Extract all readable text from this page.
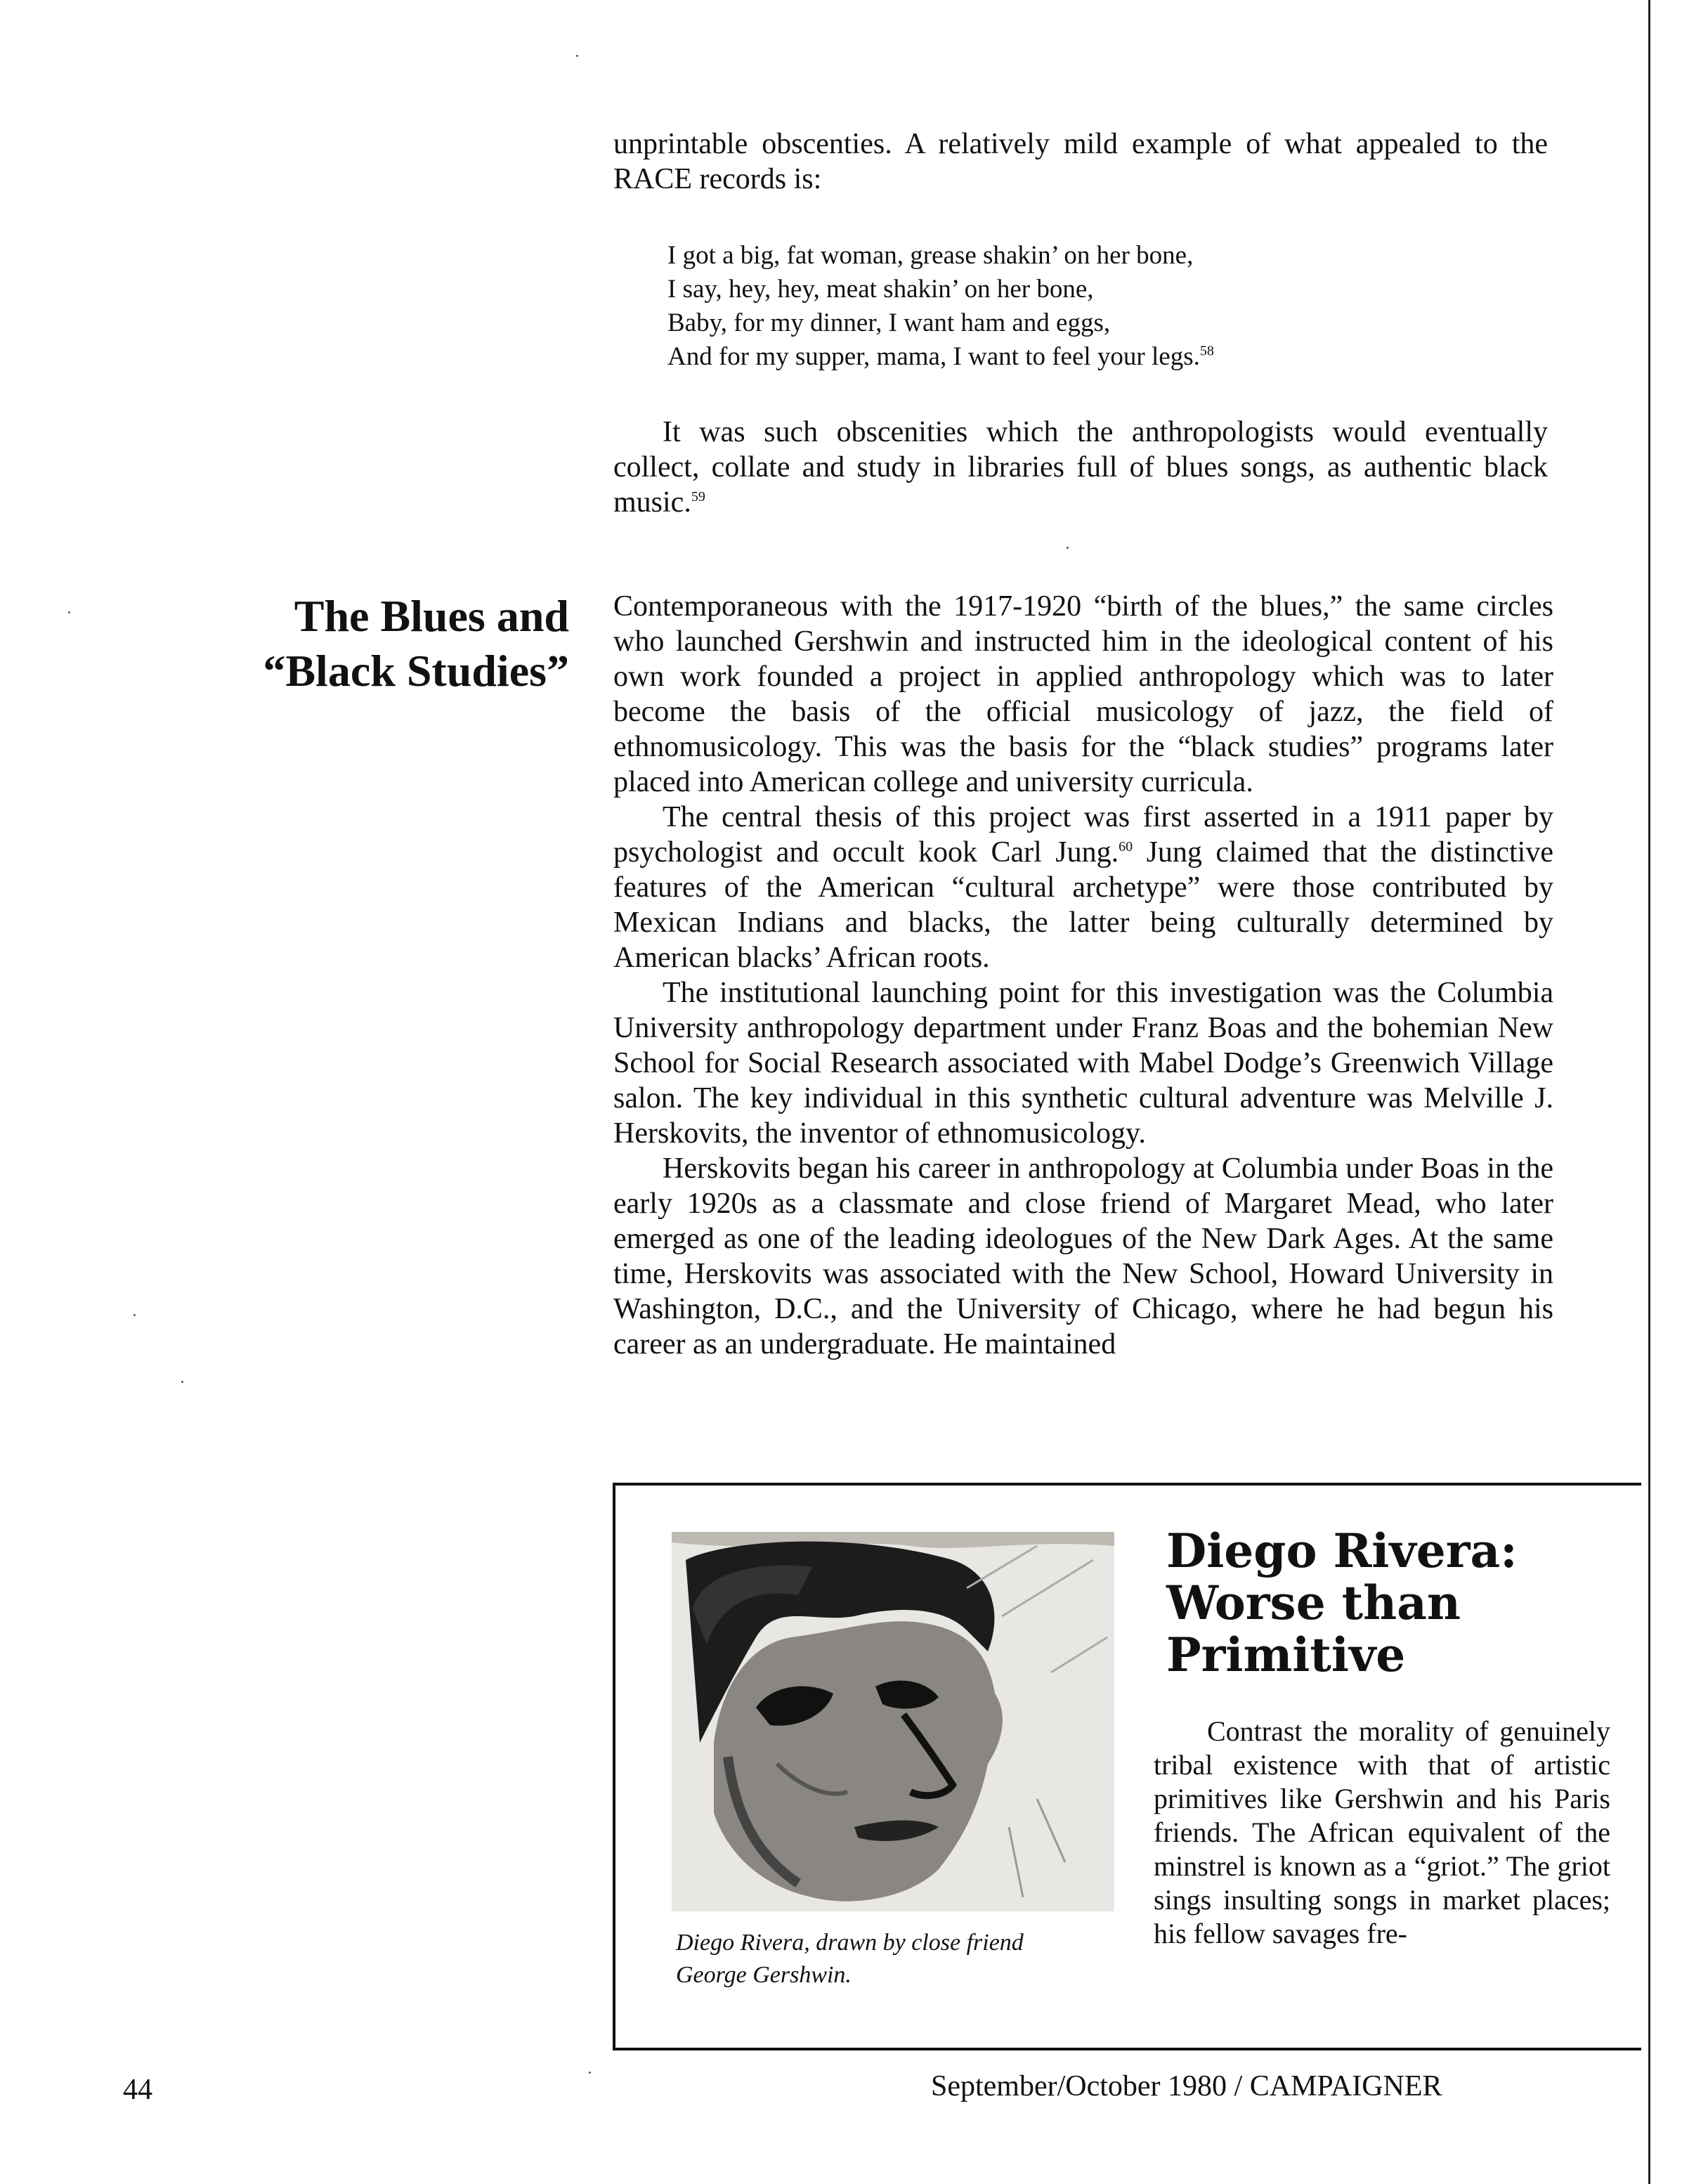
unprintable obscenties. A relatively mild example of what appealed to the RACE records is:

I got a big, fat woman, grease shakin’ on her bone,
I say, hey, hey, meat shakin’ on her bone,
Baby, for my dinner, I want ham and eggs,
And for my supper, mama, I want to feel your legs.$^{58}$

It was such obscenities which the anthropologists would eventually collect, collate and study in libraries full of blues songs, as authentic black music.$^{59}$

The Blues and
“Black Studies”

Contemporaneous with the 1917-1920 “birth of the blues,” the same circles who launched Gershwin and instructed him in the ideological content of his own work founded a project in applied anthropology which was to later become the basis of the official musicology of jazz, the field of ethnomusicology. This was the basis for the “black studies” programs later placed into American college and university curricula.

The central thesis of this project was first asserted in a 1911 paper by psychologist and occult kook Carl Jung.$^{60}$ Jung claimed that the distinctive features of the American “cultural archetype” were those contributed by Mexican Indians and blacks, the latter being culturally determined by American blacks’ African roots.

The institutional launching point for this investigation was the Columbia University anthropology department under Franz Boas and the bohemian New School for Social Research associated with Mabel Dodge’s Greenwich Village salon. The key individual in this synthetic cultural adventure was Melville J. Herskovits, the inventor of ethnomusicology.

Herskovits began his career in anthropology at Columbia under Boas in the early 1920s as a classmate and close friend of Margaret Mead, who later emerged as one of the leading ideologues of the New Dark Ages. At the same time, Herskovits was associated with the New School, Howard University in Washington, D.C., and the University of Chicago, where he had begun his career as an undergraduate. He maintained

Diego Rivera, drawn by close friend
George Gershwin.
Diego Rivera:
Worse than
Primitive

Contrast the morality of genuinely tribal existence with that of artistic primitives like Gershwin and his Paris friends. The African equivalent of the minstrel is known as a “griot.” The griot sings insulting songs in market places; his fellow savages fre-

44	September/October 1980 / CAMPAIGNER
